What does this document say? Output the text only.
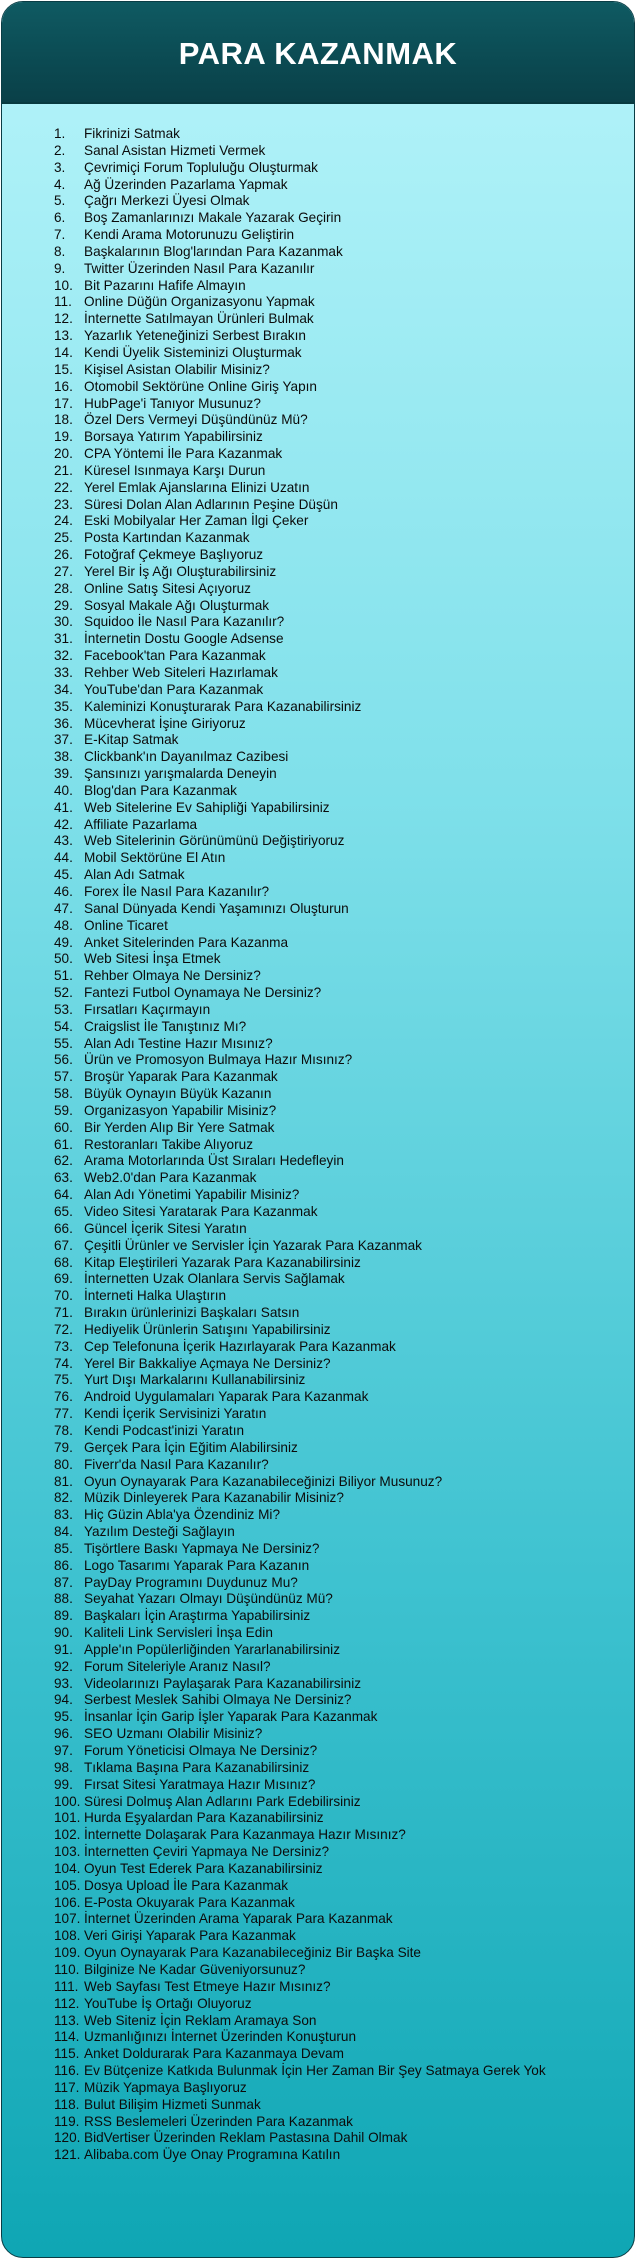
PARA KAZANMAK
1. Fikrinizi Satmak
2. Sanal Asistan Hizmeti Vermek
3. Çevrimiçi Forum Topluluğu Oluşturmak
4. Ağ Üzerinden Pazarlama Yapmak
5. Çağrı Merkezi Üyesi Olmak
6. Boş Zamanlarınızı Makale Yazarak Geçirin
7. Kendi Arama Motorunuzu Geliştirin
8. Başkalarının Blog'larından Para Kazanmak
9. Twitter Üzerinden Nasıl Para Kazanılır
10. Bit Pazarını Hafife Almayın
11. Online Düğün Organizasyonu Yapmak
12. İnternette Satılmayan Ürünleri Bulmak
13. Yazarlık Yeteneğinizi Serbest Bırakın
14. Kendi Üyelik Sisteminizi Oluşturmak
15. Kişisel Asistan Olabilir Misiniz?
16. Otomobil Sektörüne Online Giriş Yapın
17. HubPage'i Tanıyor Musunuz?
18. Özel Ders Vermeyi Düşündünüz Mü?
19. Borsaya Yatırım Yapabilirsiniz
20. CPA Yöntemi İle Para Kazanmak
21. Küresel Isınmaya Karşı Durun
22. Yerel Emlak Ajanslarına Elinizi Uzatın
23. Süresi Dolan Alan Adlarının Peşine Düşün
24. Eski Mobilyalar Her Zaman İlgi Çeker
25. Posta Kartından Kazanmak
26. Fotoğraf Çekmeye Başlıyoruz
27. Yerel Bir İş Ağı Oluşturabilirsiniz
28. Online Satış Sitesi Açıyoruz
29. Sosyal Makale Ağı Oluşturmak
30. Squidoo İle Nasıl Para Kazanılır?
31. İnternetin Dostu Google Adsense
32. Facebook'tan Para Kazanmak
33. Rehber Web Siteleri Hazırlamak
34. YouTube'dan Para Kazanmak
35. Kaleminizi Konuşturarak Para Kazanabilirsiniz
36. Mücevherat İşine Giriyoruz
37. E-Kitap Satmak
38. Clickbank'ın Dayanılmaz Cazibesi
39. Şansınızı yarışmalarda Deneyin
40. Blog'dan Para Kazanmak
41. Web Sitelerine Ev Sahipliği Yapabilirsiniz
42. Affiliate Pazarlama
43. Web Sitelerinin Görünümünü Değiştiriyoruz
44. Mobil Sektörüne El Atın
45. Alan Adı Satmak
46. Forex İle Nasıl Para Kazanılır?
47. Sanal Dünyada Kendi Yaşamınızı Oluşturun
48. Online Ticaret
49. Anket Sitelerinden Para Kazanma
50. Web Sitesi İnşa Etmek
51. Rehber Olmaya Ne Dersiniz?
52. Fantezi Futbol Oynamaya Ne Dersiniz?
53. Fırsatları Kaçırmayın
54. Craigslist İle Tanıştınız Mı?
55. Alan Adı Testine Hazır Mısınız?
56. Ürün ve Promosyon Bulmaya Hazır Mısınız?
57. Broşür Yaparak Para Kazanmak
58. Büyük Oynayın Büyük Kazanın
59. Organizasyon Yapabilir Misiniz?
60. Bir Yerden Alıp Bir Yere Satmak
61. Restoranları Takibe Alıyoruz
62. Arama Motorlarında Üst Sıraları Hedefleyin
63. Web2.0'dan Para Kazanmak
64. Alan Adı Yönetimi Yapabilir Misiniz?
65. Video Sitesi Yaratarak Para Kazanmak
66. Güncel İçerik Sitesi Yaratın
67. Çeşitli Ürünler ve Servisler İçin Yazarak Para Kazanmak
68. Kitap Eleştirileri Yazarak Para Kazanabilirsiniz
69. İnternetten Uzak Olanlara Servis Sağlamak
70. İnterneti Halka Ulaştırın
71. Bırakın ürünlerinizi Başkaları Satsın
72. Hediyelik Ürünlerin Satışını Yapabilirsiniz
73. Cep Telefonuna İçerik Hazırlayarak Para Kazanmak
74. Yerel Bir Bakkaliye Açmaya Ne Dersiniz?
75. Yurt Dışı Markalarını Kullanabilirsiniz
76. Android Uygulamaları Yaparak Para Kazanmak
77. Kendi İçerik Servisinizi Yaratın
78. Kendi Podcast'inizi Yaratın
79. Gerçek Para İçin Eğitim Alabilirsiniz
80. Fiverr'da Nasıl Para Kazanılır?
81. Oyun Oynayarak Para Kazanabileceğinizi Biliyor Musunuz?
82. Müzik Dinleyerek Para Kazanabilir Misiniz?
83. Hiç Güzin Abla'ya Özendiniz Mi?
84. Yazılım Desteği Sağlayın
85. Tişörtlere Baskı Yapmaya Ne Dersiniz?
86. Logo Tasarımı Yaparak Para Kazanın
87. PayDay Programını Duydunuz Mu?
88. Seyahat Yazarı Olmayı Düşündünüz Mü?
89. Başkaları İçin Araştırma Yapabilirsiniz
90. Kaliteli Link Servisleri İnşa Edin
91. Apple'ın Popülerliğinden Yararlanabilirsiniz
92. Forum Siteleriyle Aranız Nasıl?
93. Videolarınızı Paylaşarak Para Kazanabilirsiniz
94. Serbest Meslek Sahibi Olmaya Ne Dersiniz?
95. İnsanlar İçin Garip İşler Yaparak Para Kazanmak
96. SEO Uzmanı Olabilir Misiniz?
97. Forum Yöneticisi Olmaya Ne Dersiniz?
98. Tıklama Başına Para Kazanabilirsiniz
99. Fırsat Sitesi Yaratmaya Hazır Mısınız?
100. Süresi Dolmuş Alan Adlarını Park Edebilirsiniz
101. Hurda Eşyalardan Para Kazanabilirsiniz
102. İnternette Dolaşarak Para Kazanmaya Hazır Mısınız?
103. İnternetten Çeviri Yapmaya Ne Dersiniz?
104. Oyun Test Ederek Para Kazanabilirsiniz
105. Dosya Upload İle Para Kazanmak
106. E-Posta Okuyarak Para Kazanmak
107. İnternet Üzerinden Arama Yaparak Para Kazanmak
108. Veri Girişi Yaparak Para Kazanmak
109. Oyun Oynayarak Para Kazanabileceğiniz Bir Başka Site
110. Bilginize Ne Kadar Güveniyorsunuz?
111. Web Sayfası Test Etmeye Hazır Mısınız?
112. YouTube İş Ortağı Oluyoruz
113. Web Siteniz İçin Reklam Aramaya Son
114. Uzmanlığınızı İnternet Üzerinden Konuşturun
115. Anket Doldurarak Para Kazanmaya Devam
116. Ev Bütçenize Katkıda Bulunmak İçin Her Zaman Bir Şey Satmaya Gerek Yok
117. Müzik Yapmaya Başlıyoruz
118. Bulut Bilişim Hizmeti Sunmak
119. RSS Beslemeleri Üzerinden Para Kazanmak
120. BidVertiser Üzerinden Reklam Pastasına Dahil Olmak
121. Alibaba.com Üye Onay Programına Katılın
